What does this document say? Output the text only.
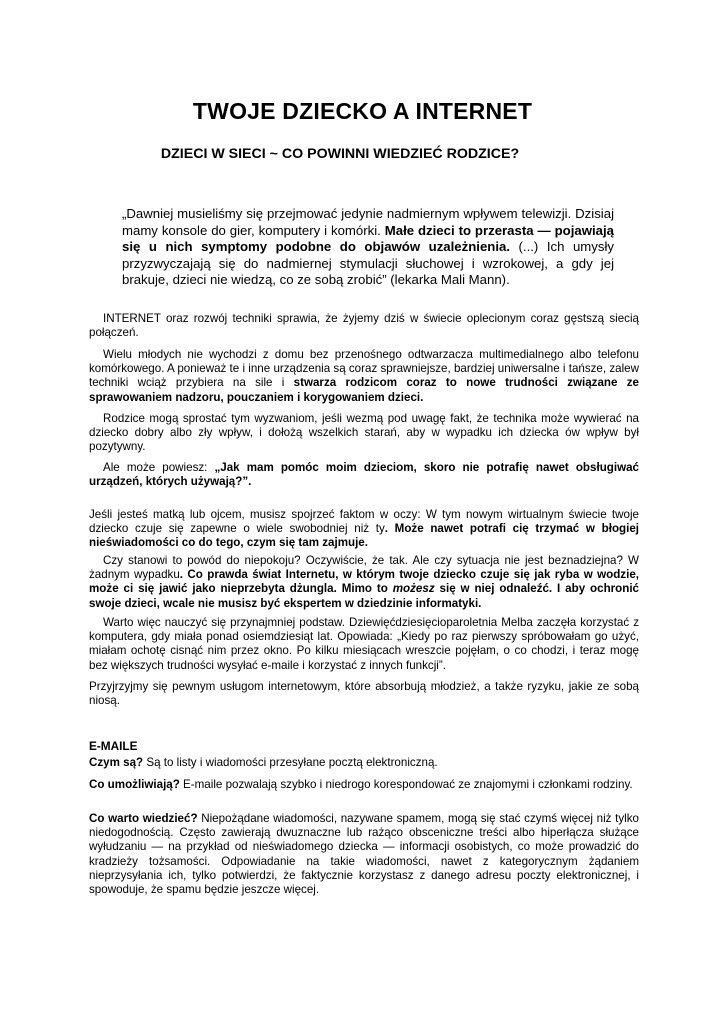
TWOJE DZIECKO A INTERNET
DZIECI W SIECI ~ CO POWINNI WIEDZIEĆ RODZICE?

„Dawniej musieliśmy się przejmować jedynie nadmiernym wpływem telewizji. Dzisiaj mamy konsole do gier, komputery i komórki. Małe dzieci to przerasta — pojawiają się u nich symptomy podobne do objawów uzależnienia. (...) Ich umysły przyzwyczajają się do nadmiernej stymulacji słuchowej i wzrokowej, a gdy jej brakuje, dzieci nie wiedzą, co ze sobą zrobić” (lekarka Mali Mann).

INTERNET oraz rozwój techniki sprawia, że żyjemy dziś w świecie oplecionym coraz gęstszą siecią połączeń.

Wielu młodych nie wychodzi z domu bez przenośnego odtwarzacza multimedialnego albo telefonu komórkowego. A ponieważ te i inne urządzenia są coraz sprawniejsze, bardziej uniwersalne i tańsze, zalew techniki wciąż przybiera na sile i stwarza rodzicom coraz to nowe trudności związane ze sprawowaniem nadzoru, pouczaniem i korygowaniem dzieci.

Rodzice mogą sprostać tym wyzwaniom, jeśli wezmą pod uwagę fakt, że technika może wywierać na dziecko dobry albo zły wpływ, i dołożą wszelkich starań, aby w wypadku ich dziecka ów wpływ był pozytywny.

Ale może powiesz: „Jak mam pomóc moim dzieciom, skoro nie potrafię nawet obsługiwać urządzeń, których używają?”.

Jeśli jesteś matką lub ojcem, musisz spojrzeć faktom w oczy: W tym nowym wirtualnym świecie twoje dziecko czuje się zapewne o wiele swobodniej niż ty. Może nawet potrafi cię trzymać w błogiej nieświadomości co do tego, czym się tam zajmuje.

Czy stanowi to powód do niepokoju? Oczywiście, że tak. Ale czy sytuacja nie jest beznadziejna? W żadnym wypadku. Co prawda świat Internetu, w którym twoje dziecko czuje się jak ryba w wodzie, może ci się jawić jako nieprzebyta dżungla. Mimo to możesz się w niej odnaleźć. I aby ochronić swoje dzieci, wcale nie musisz być ekspertem w dziedzinie informatyki.

Warto więc nauczyć się przynajmniej podstaw. Dziewięćdziesięcioparoletnia Melba zaczęła korzystać z komputera, gdy miała ponad osiemdziesiąt lat. Opowiada: „Kiedy po raz pierwszy spróbowałam go użyć, miałam ochotę cisnąć nim przez okno. Po kilku miesiącach wreszcie pojęłam, o co chodzi, i teraz mogę bez większych trudności wysyłać e-maile i korzystać z innych funkcji”.

Przyjrzyjmy się pewnym usługom internetowym, które absorbują młodzież, a także ryzyku, jakie ze sobą niosą.

E-MAILE

Czym są? Są to listy i wiadomości przesyłane pocztą elektroniczną.

Co umożliwiają? E-maile pozwalają szybko i niedrogo korespondować ze znajomymi i członkami rodziny.

Co warto wiedzieć? Niepożądane wiadomości, nazywane spamem, mogą się stać czymś więcej niż tylko niedogodnością. Często zawierają dwuznaczne lub rażąco obsceniczne treści albo hiperłącza służące wyłudzaniu — na przykład od nieświadomego dziecka — informacji osobistych, co może prowadzić do kradzieży tożsamości. Odpowiadanie na takie wiadomości, nawet z kategorycznym żądaniem nieprzysyłania ich, tylko potwierdzi, że faktycznie korzystasz z danego adresu poczty elektronicznej, i spowoduje, że spamu będzie jeszcze więcej.
